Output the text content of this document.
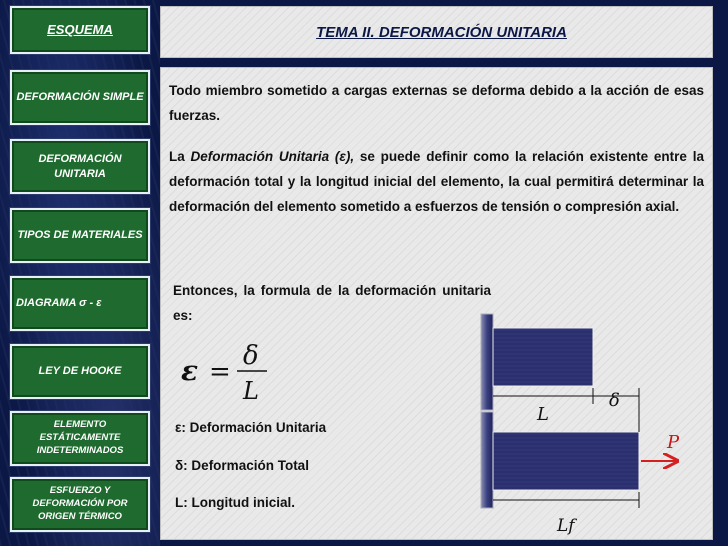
ESQUEMA
DEFORMACIÓN SIMPLE
DEFORMACIÓN UNITARIA
TIPOS DE MATERIALES
DIAGRAMA σ - ε
LEY DE HOOKE
ELEMENTO ESTÁTICAMENTE INDETERMINADOS
ESFUERZO Y DEFORMACIÓN POR ORIGEN TÉRMICO
TEMA II. DEFORMACIÓN UNITARIA

Todo miembro sometido a cargas externas se deforma debido a la acción de esas fuerzas.

La Deformación Unitaria (ε), se puede definir como la relación existente entre la deformación total y la longitud inicial del elemento, la cual permitirá determinar la deformación del elemento sometido a esfuerzos de tensión o compresión axial.

Entonces, la formula de la deformación unitaria es:

ε =
δ
L
ε: Deformación Unitaria
δ: Deformación Total
L: Longitud inicial.
L
δ
Lf
P
